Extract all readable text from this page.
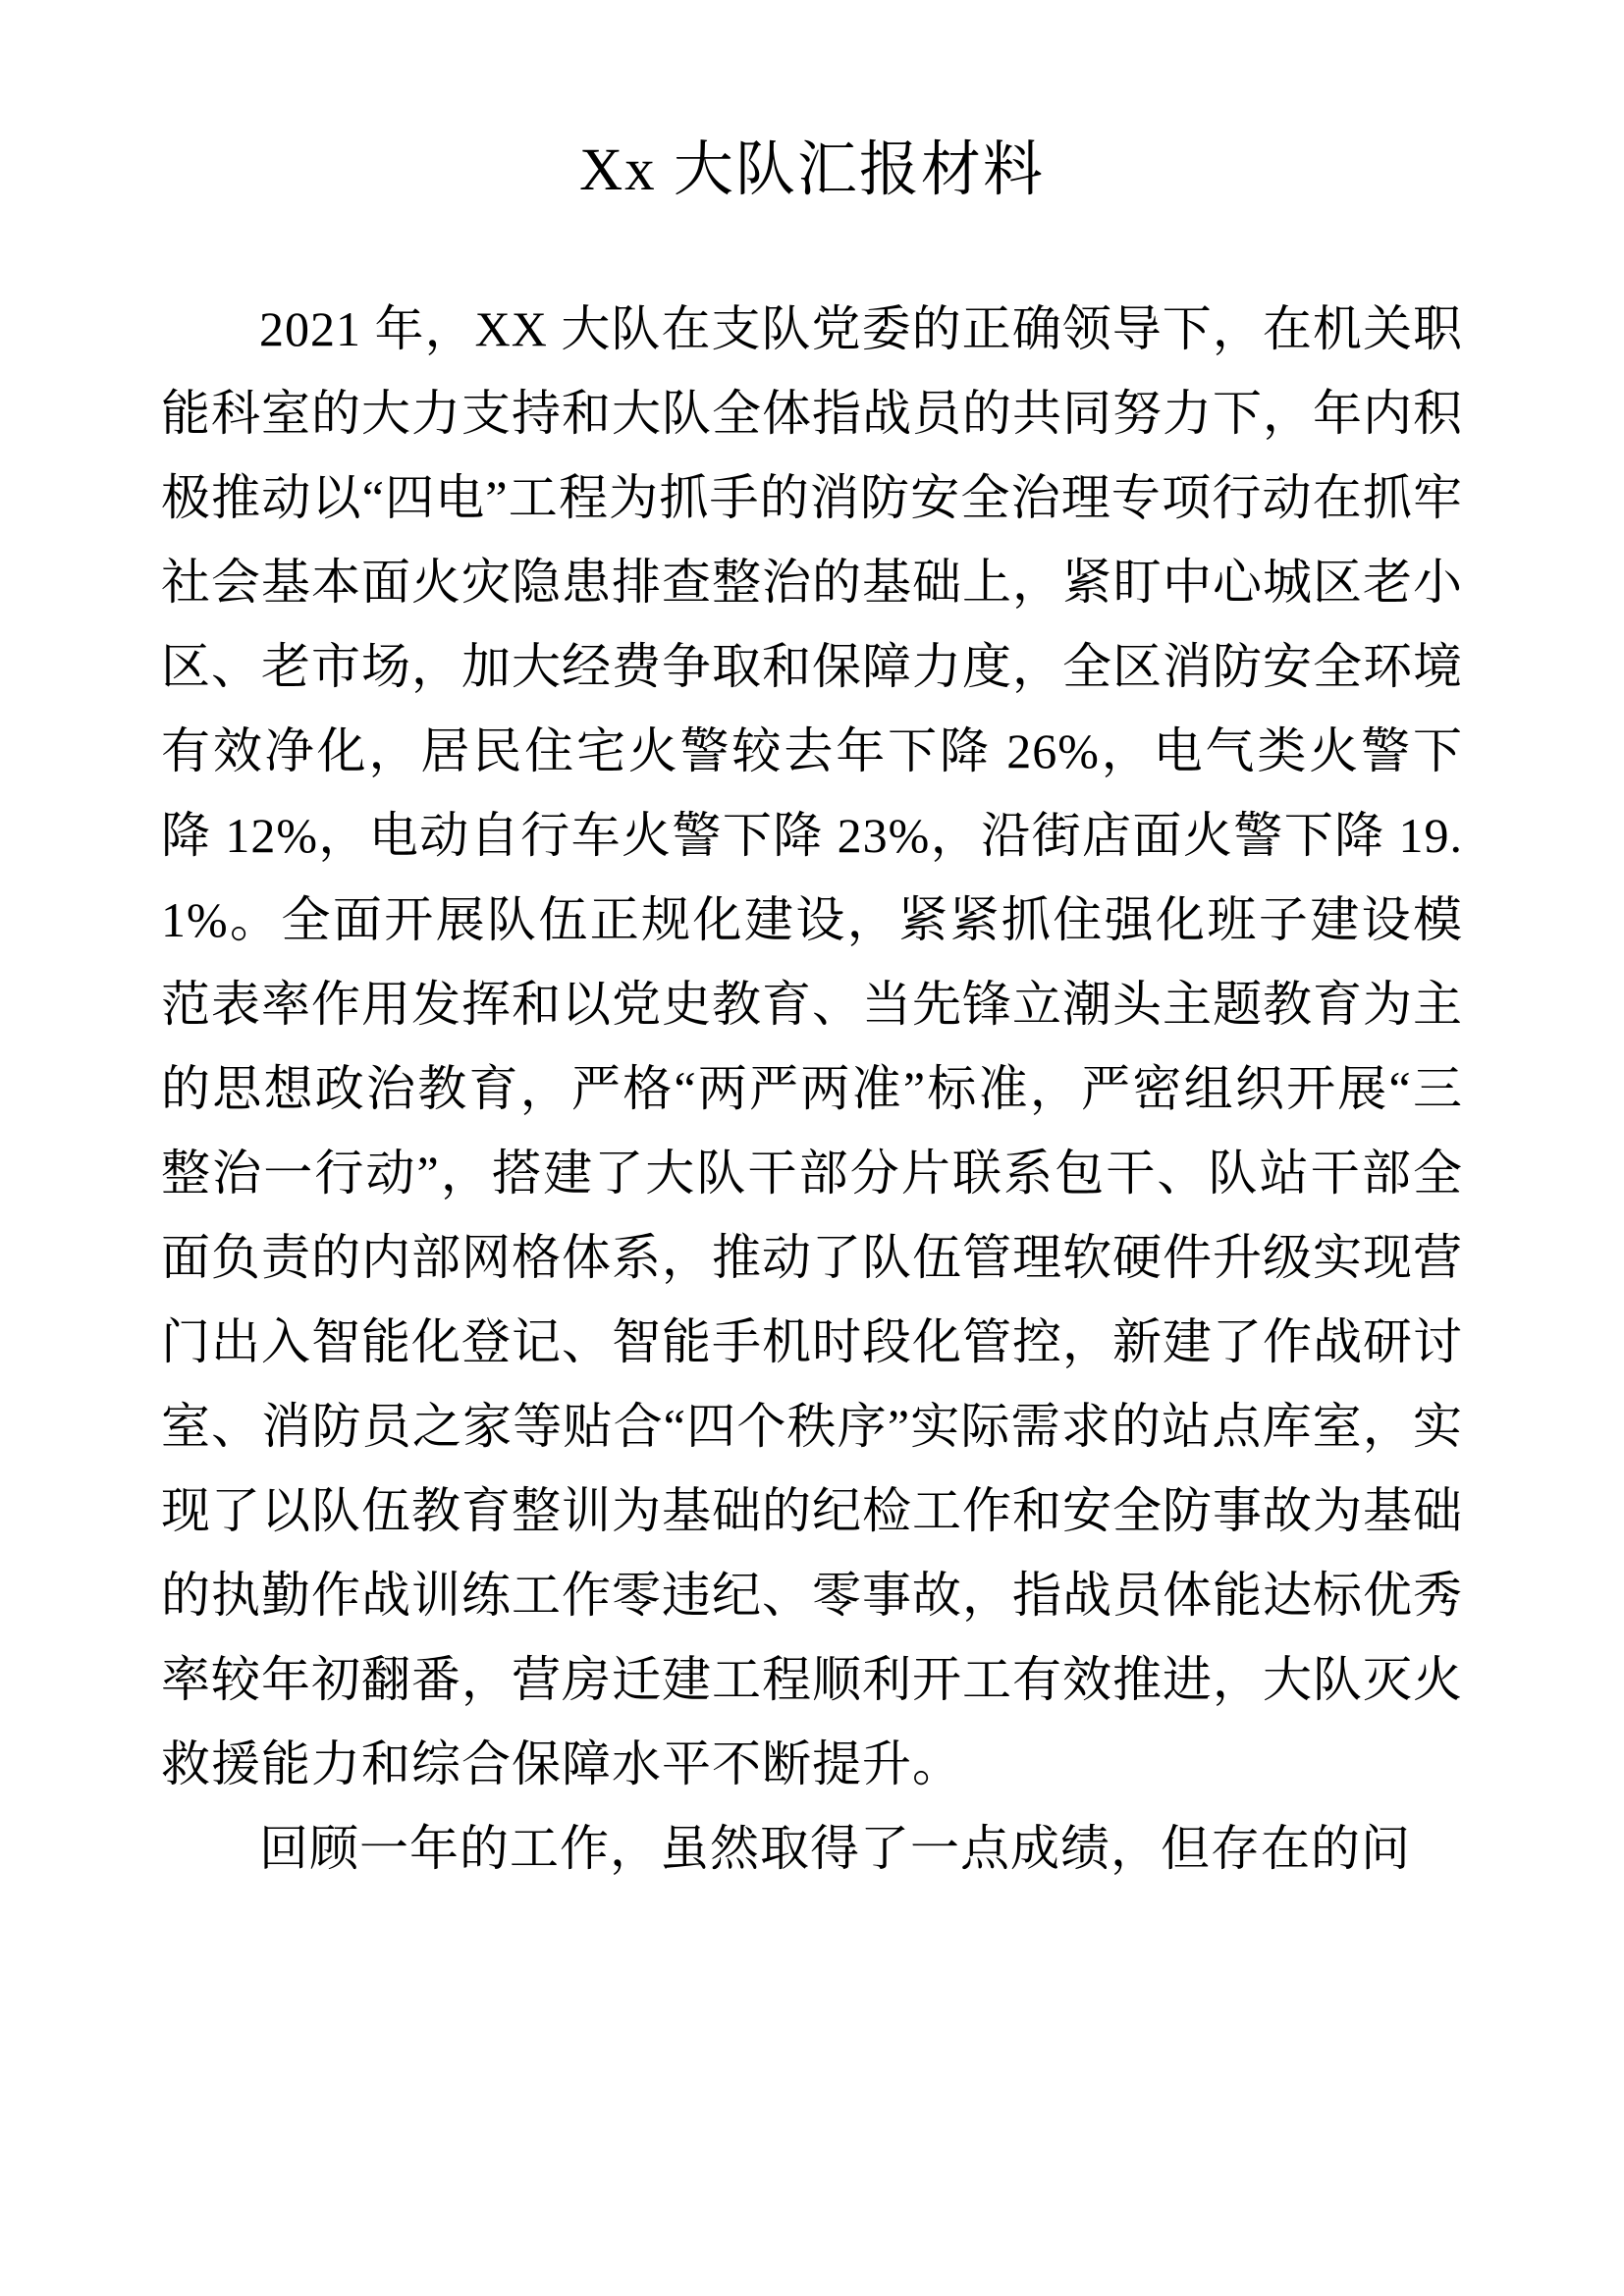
Xx 大队汇报材料

2021 年，XX 大队在支队党委的正确领导下，在机关职能科室的大力支持和大队全体指战员的共同努力下，年内积极推动以“四电”工程为抓手的消防安全治理专项行动在抓牢社会基本面火灾隐患排查整治的基础上，紧盯中心城区老小区、老市场，加大经费争取和保障力度，全区消防安全环境有效净化，居民住宅火警较去年下降 26%，电气类火警下降 12%，电动自行车火警下降 23%，沿街店面火警下降 19.1%。全面开展队伍正规化建设，紧紧抓住强化班子建设模范表率作用发挥和以党史教育、当先锋立潮头主题教育为主的思想政治教育，严格“两严两准”标准，严密组织开展“三整治一行动”，搭建了大队干部分片联系包干、队站干部全面负责的内部网格体系，推动了队伍管理软硬件升级实现营门出入智能化登记、智能手机时段化管控，新建了作战研讨室、消防员之家等贴合“四个秩序”实际需求的站点库室，实现了以队伍教育整训为基础的纪检工作和安全防事故为基础的执勤作战训练工作零违纪、零事故，指战员体能达标优秀率较年初翻番，营房迁建工程顺利开工有效推进，大队灭火救援能力和综合保障水平不断提升。

回顾一年的工作，虽然取得了一点成绩，但存在的问
